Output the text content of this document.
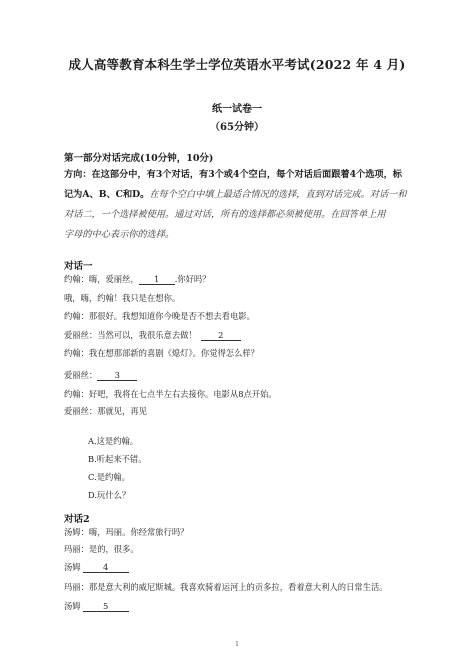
成人高等教育本科生学士学位英语水平考试(2022 年 4 月)
纸一试卷一
（65分钟）
第一部分对话完成(10分钟，10分)
方向：在这部分中，有3个对话，有3个或4个空白，每个对话后面跟着4个选项，标
记为A、B、C和D。在每个空白中填上最适合情况的选择，直到对话完成。对话一和
对话二，一个选择被使用。通过对话，所有的选择都必须被使用。在回答单上用
字母的中心表示你的选择。
对话一
约翰：嗨，爱丽丝， 1 .你好吗？
哦，嗨，约翰！我只是在想你。
约翰：那很好。我想知道你今晚是否不想去看电影。
爱丽丝：当然可以，我很乐意去做！	2
约翰：我在想那部新的喜剧《熄灯》。你觉得怎么样？
爱丽丝： 3
约翰：好吧，我将在七点半左右去接你。电影从8点开始。
爱丽丝：那就见，再见
A.这是约翰。
B.听起来不错。
C.是约翰。
D.玩什么？
对话2
汤姆：嗨，玛丽。你经常旅行吗？
玛丽：是的，很多。
汤姆	4
玛丽：那是意大利的威尼斯城。我喜欢骑着运河上的贡多拉，看着意大利人的日常生活。
汤姆	5
1
